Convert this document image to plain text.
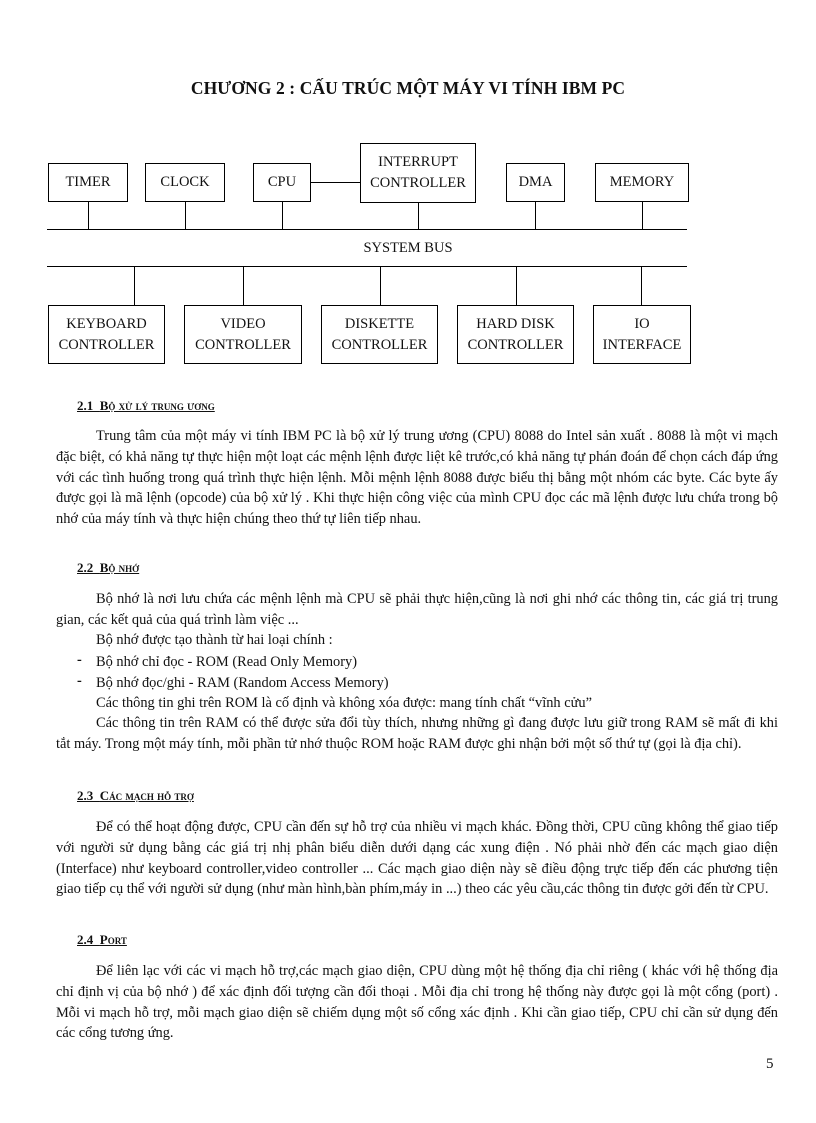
CHƯƠNG 2 : CẤU TRÚC MỘT MÁY VI TÍNH IBM PC
SYSTEM BUS
TIMER	CLOCK	CPU
INTERRUPT
CONTROLLER	DMA	MEMORY
KEYBOARD
CONTROLLER
VIDEO
CONTROLLER
DISKETTE
CONTROLLER
HARD DISK
CONTROLLER
IO
INTERFACE
2.1_Bộ xử lý trung ương

Trung tâm của một máy vi tính IBM PC là bộ xử lý trung ương (CPU) 8088 do Intel sản xuất . 8088 là một vi mạch đặc biệt, có khả năng tự thực hiện một loạt các mệnh lệnh được liệt kê trước,có khả năng tự phán đoán để chọn cách đáp ứng với các tình huống trong quá trình thực hiện lệnh. Mỗi mệnh lệnh 8088 được biểu thị bằng một nhóm các byte. Các byte ấy được gọi là mã lệnh (opcode) của bộ xử lý . Khi thực hiện công việc của mình CPU đọc các mã lệnh được lưu chứa trong bộ nhớ của máy tính và thực hiện chúng theo thứ tự liên tiếp nhau.

2.2_Bộ nhớ

Bộ nhớ là nơi lưu chứa các mệnh lệnh mà CPU sẽ phải thực hiện,cũng là nơi ghi nhớ các thông tin, các giá trị trung gian, các kết quả của quá trình làm việc ...

Bộ nhớ được tạo thành từ hai loại chính :

- Bộ nhớ chỉ đọc - ROM (Read Only Memory)
- Bộ nhớ đọc/ghi - RAM (Random Access Memory)

Các thông tin ghi trên ROM là cố định và không xóa được: mang tính chất “vĩnh cửu”

Các thông tin trên RAM có thể được sửa đổi tùy thích, nhưng những gì đang được lưu giữ trong RAM sẽ mất đi khi tắt máy. Trong một máy tính, mỗi phần tử nhớ thuộc ROM hoặc RAM được ghi nhận bởi một số thứ tự (gọi là địa chỉ).

2.3_Các mạch hỗ trợ

Để có thể hoạt động được, CPU cần đến sự hỗ trợ của nhiều vi mạch khác. Đồng thời, CPU cũng không thể giao tiếp với người sử dụng bằng các giá trị nhị phân biểu diễn dưới dạng các xung điện . Nó phải nhờ đến các mạch giao diện (Interface) như keyboard controller,video controller ... Các mạch giao diện này sẽ điều động trực tiếp đến các phương tiện giao tiếp cụ thể với người sử dụng (như màn hình,bàn phím,máy in ...) theo các yêu cầu,các thông tin được gởi đến từ CPU.

2.4_Port

Để liên lạc với các vi mạch hỗ trợ,các mạch giao diện, CPU dùng một hệ thống địa chỉ riêng ( khác với hệ thống địa chỉ định vị của bộ nhớ ) để xác định đối tượng cần đối thoại . Mỗi địa chỉ trong hệ thống này được gọi là một cổng (port) . Mỗi vi mạch hỗ trợ, mỗi mạch giao diện sẽ chiếm dụng một số cổng xác định . Khi cần giao tiếp, CPU chỉ cần sử dụng đến các cổng tương ứng.

5
